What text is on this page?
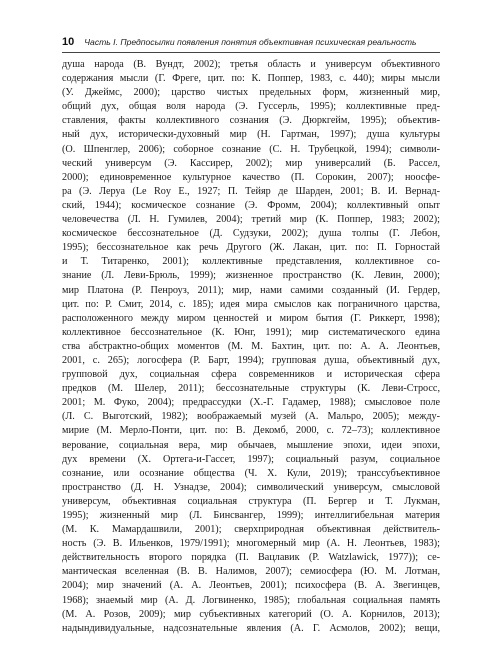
10 Часть I. Предпосылки появления понятия объективная психическая реальность
душа народа (В. Вундт, 2002); третья область и универсум объективного
содержания мысли (Г. Фреге, цит. по: К. Поппер, 1983, с. 440); миры мысли
(У. Джеймс, 2000); царство чистых предельных форм, жизненный мир,
общий дух, общая воля народа (Э. Гуссерль, 1995); коллективные пред-
ставления, факты коллективного сознания (Э. Дюркгейм, 1995); объектив-
ный дух, исторически-духовный мир (Н. Гартман, 1997); душа культуры
(О. Шпенглер, 2006); соборное сознание (С. Н. Трубецкой, 1994); символи-
ческий универсум (Э. Кассирер, 2002); мир универсалий (Б. Рассел,
2000); единовременное культурное качество (П. Сорокин, 2007); ноосфе-
ра (Э. Леруа (Le Roy E., 1927; П. Тейяр де Шарден, 2001; В. И. Вернад-
ский, 1944); космическое сознание (Э. Фромм, 2004); коллективный опыт
человечества (Л. Н. Гумилев, 2004); третий мир (К. Поппер, 1983; 2002);
космическое бессознательное (Д. Судзуки, 2002); душа толпы (Г. Лебон,
1995); бессознательное как речь Другого (Ж. Лакан, цит. по: П. Горностай
и Т. Титаренко, 2001); коллективные представления, коллективное со-
знание (Л. Леви-Брюль, 1999); жизненное пространство (К. Левин, 2000);
мир Платона (Р. Пенроуз, 2011); мир, нами самими созданный (И. Гердер,
цит. по: Р. Смит, 2014, с. 185); идея мира смыслов как пограничного царства,
расположенного между миром ценностей и миром бытия (Г. Риккерт, 1998);
коллективное бессознательное (К. Юнг, 1991); мир систематического едина
ства абстрактно-общих моментов (М. М. Бахтин, цит. по: А. А. Леонтьев,
2001, с. 265); логосфера (Р. Барт, 1994); групповая душа, объективный дух,
групповой дух, социальная сфера современников и историческая сфера
предков (М. Шелер, 2011); бессознательные структуры (К. Леви-Стросс,
2001; М. Фуко, 2004); предрассудки (Х.-Г. Гадамер, 1988); смысловое поле
(Л. С. Выготский, 1982); воображаемый музей (А. Мальро, 2005); между-
мирие (М. Мерло-Понти, цит. по: В. Декомб, 2000, с. 72–73); коллективное
верование, социальная вера, мир обычаев, мышление эпохи, идеи эпохи,
дух времени (Х. Ортега-и-Гассет, 1997); социальный разум, социальное
сознание, или осознание общества (Ч. Х. Кули, 2019); транссубъективное
пространство (Д. Н. Узнадзе, 2004); символический универсум, смысловой
универсум, объективная социальная структура (П. Бергер и Т. Лукман,
1995); жизненный мир (Л. Бинсвангер, 1999); интеллигибельная материя
(М. К. Мамардашвили, 2001); сверхприродная объективная действитель-
ность (Э. В. Ильенков, 1979/1991); многомерный мир (А. Н. Леонтьев, 1983);
действительность второго порядка (П. Вацлавик (P. Watzlawick, 1977)); се-
мантическая вселенная (В. В. Налимов, 2007); семиосфера (Ю. М. Лотман,
2004); мир значений (А. А. Леонтьев, 2001); психосфера (В. А. Звегинцев,
1968); знаемый мир (А. Д. Логвиненко, 1985); глобальная социальная память
(М. А. Розов, 2009); мир субъективных категорий (О. А. Корнилов, 2013);
надындивидуальные, надсознательные явления (А. Г. Асмолов, 2002); вещи,
